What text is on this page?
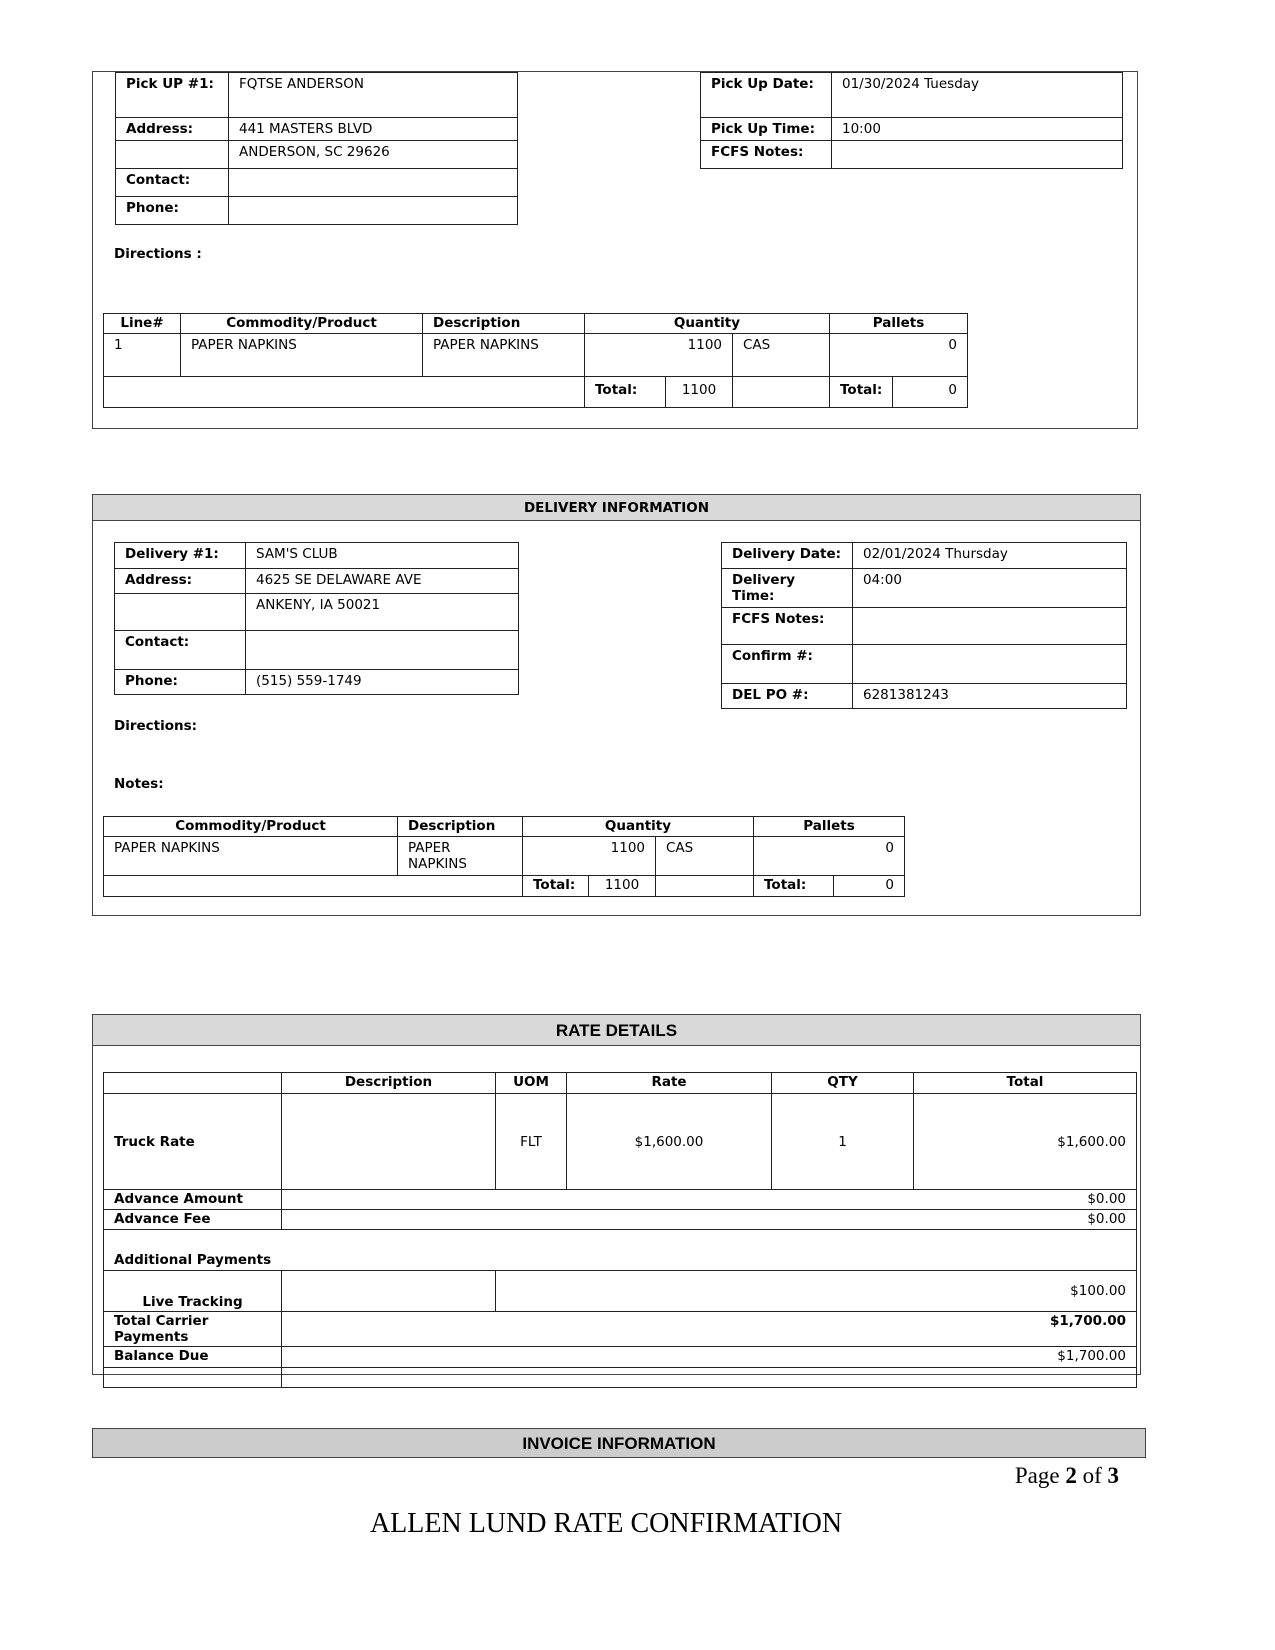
Pick UP #1:	FQTSE ANDERSON
Address:	441 MASTERS BLVD
	ANDERSON, SC 29626
Contact:	
Phone:	
Pick Up Date:	01/30/2024 Tuesday
Pick Up Time:	10:00
FCFS Notes:	
Directions :
Line#	Commodity/Product	Description	Quantity			Pallets	
1	PAPER NAPKINS	PAPER NAPKINS	1100		CAS	0	
			Total:	1100		Total:	0
DELIVERY INFORMATION
Delivery #1:	SAM'S CLUB
Address:	4625 SE DELAWARE AVE
	ANKENY, IA 50021
Contact:	
Phone:	(515) 559-1749
Delivery Date:	02/01/2024 Thursday
Delivery Time:	04:00
FCFS Notes:	
Confirm #:	
DEL PO #:	6281381243
Directions:
Notes:
Commodity/Product	Description	Quantity			Pallets	
PAPER NAPKINS	PAPER NAPKINS	1100		CAS	0	
		Total:	1100		Total:	0
RATE DETAILS
	Description	UOM	Rate	QTY	Total
Truck Rate		FLT	$1,600.00	1	$1,600.00
Advance Amount	$0.00				
Advance Fee	$0.00				
Additional Payments					
Live Tracking		$100.00			
Total Carrier Payments	$1,700.00				
Balance Due	$1,700.00				

INVOICE INFORMATION
Page 2 of 3
ALLEN LUND RATE CONFIRMATION
